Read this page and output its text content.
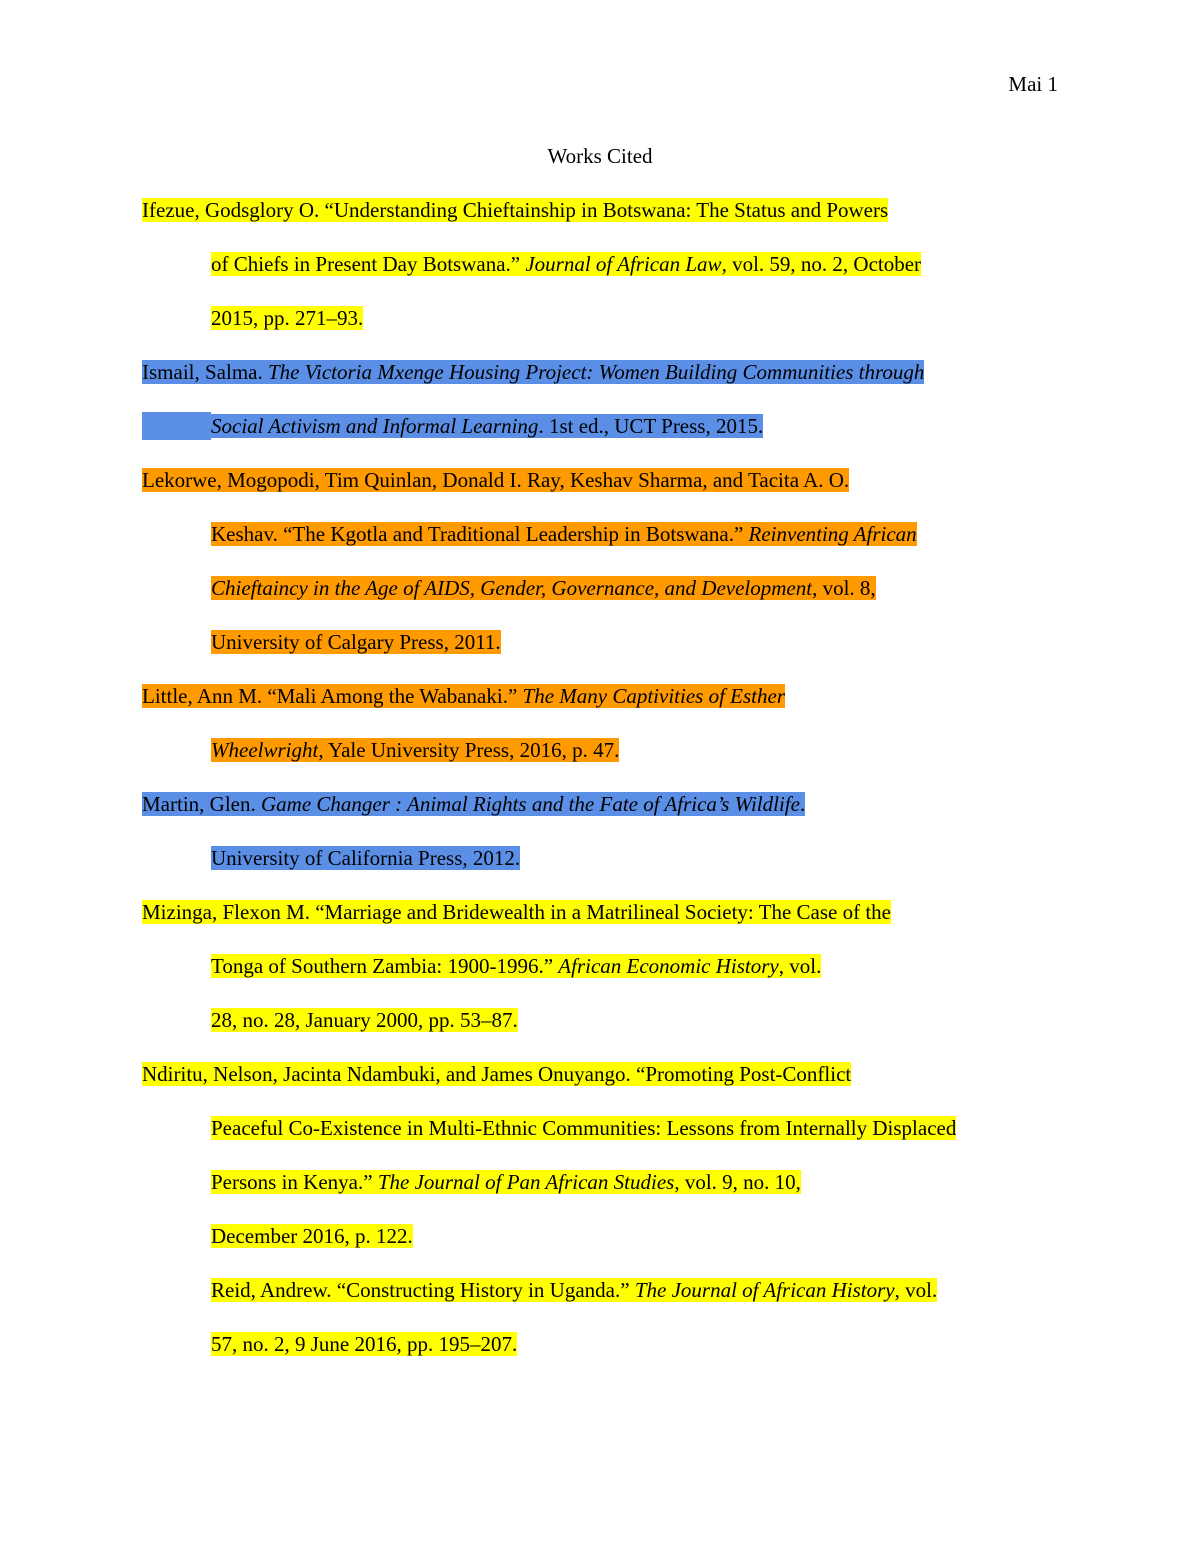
Mai 1
Works Cited
Ifezue, Godsglory O. “Understanding Chieftainship in Botswana: The Status and Powers
of Chiefs in Present Day Botswana.” Journal of African Law, vol. 59, no. 2, October
2015, pp. 271–93.
Ismail, Salma. The Victoria Mxenge Housing Project: Women Building Communities through
Social Activism and Informal Learning. 1st ed., UCT Press, 2015.
Lekorwe, Mogopodi, Tim Quinlan, Donald I. Ray, Keshav Sharma, and Tacita A. O.
Keshav. “The Kgotla and Traditional Leadership in Botswana.” Reinventing African
Chieftaincy in the Age of AIDS, Gender, Governance, and Development, vol. 8,
University of Calgary Press, 2011.
Little, Ann M. “Mali Among the Wabanaki.” The Many Captivities of Esther
Wheelwright, Yale University Press, 2016, p. 47.
Martin, Glen. Game Changer : Animal Rights and the Fate of Africa’s Wildlife.
University of California Press, 2012.
Mizinga, Flexon M. “Marriage and Bridewealth in a Matrilineal Society: The Case of the
Tonga of Southern Zambia: 1900-1996.” African Economic History, vol.
28, no. 28, January 2000, pp. 53–87.
Ndiritu, Nelson, Jacinta Ndambuki, and James Onuyango. “Promoting Post-Conflict
Peaceful Co-Existence in Multi-Ethnic Communities: Lessons from Internally Displaced
Persons in Kenya.” The Journal of Pan African Studies, vol. 9, no. 10,
December 2016, p. 122.
Reid, Andrew. “Constructing History in Uganda.” The Journal of African History, vol.
57, no. 2, 9 June 2016, pp. 195–207.
